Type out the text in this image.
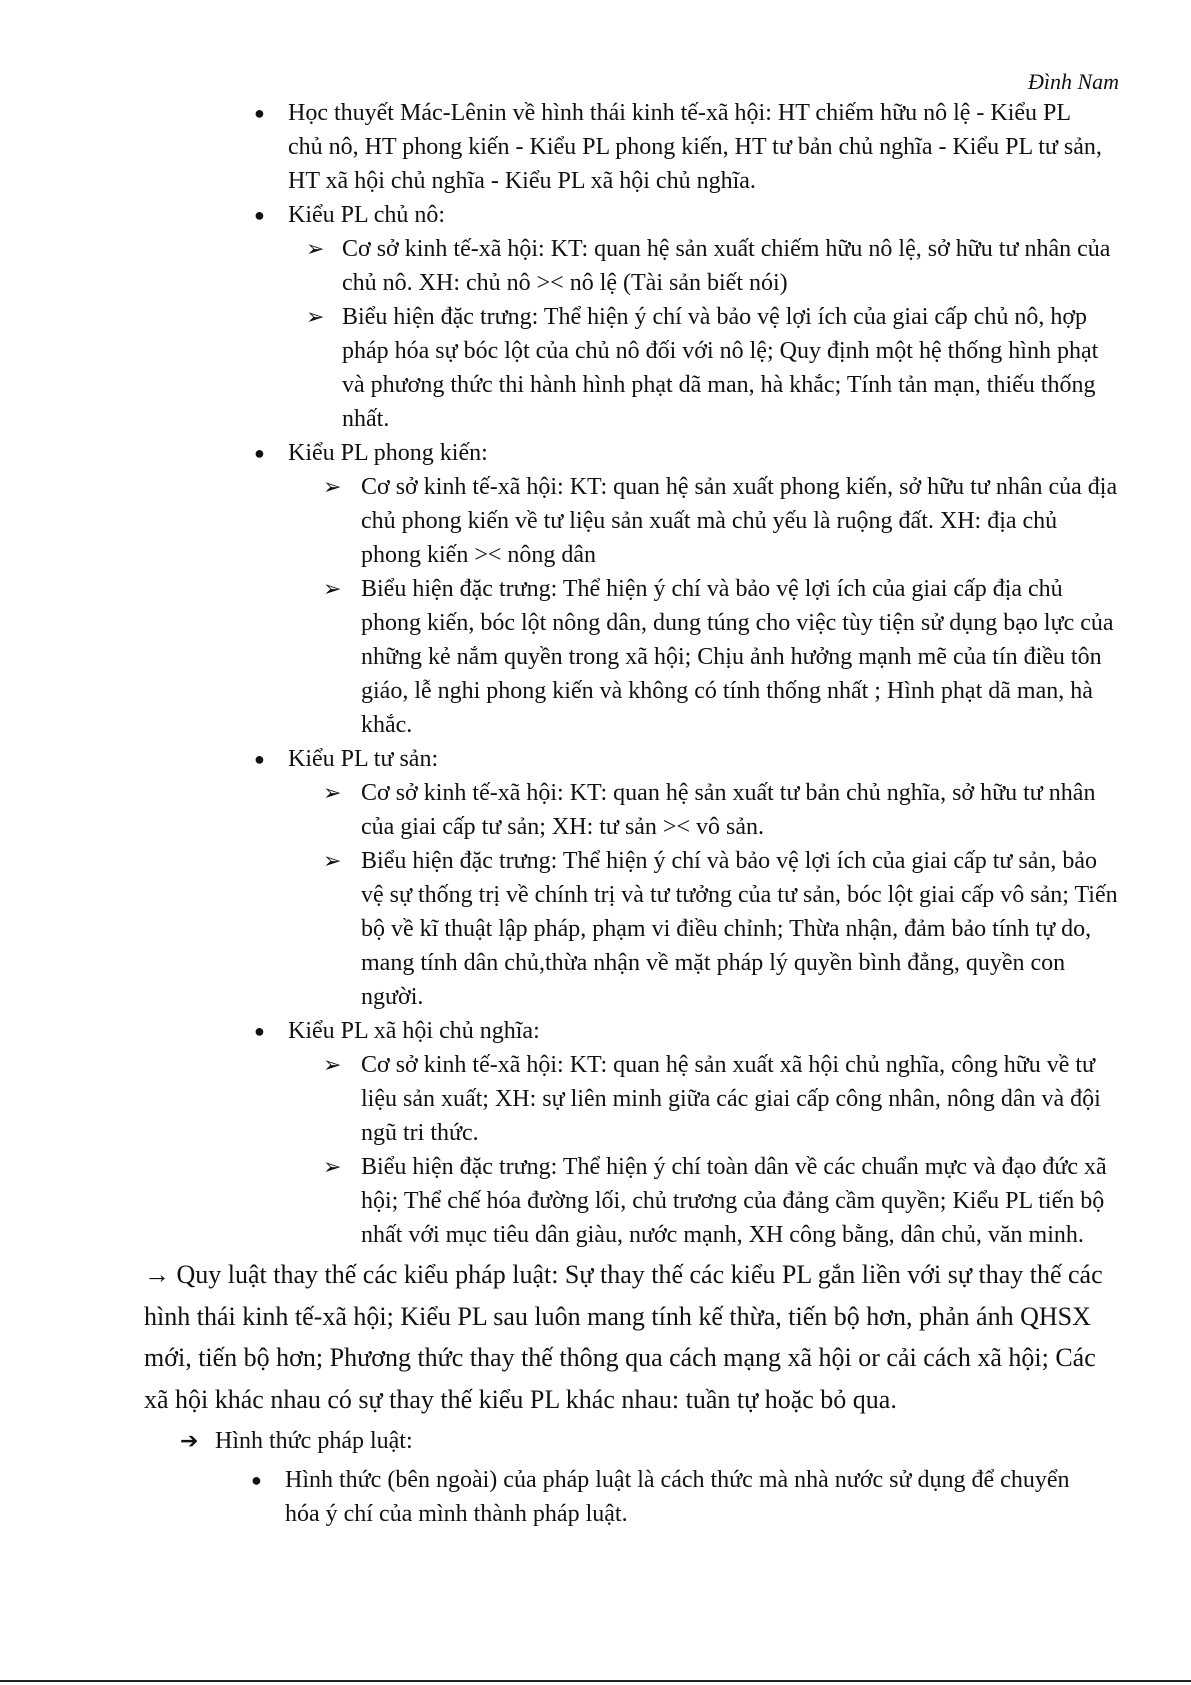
Đình Nam
● Học thuyết Mác-Lênin về hình thái kinh tế-xã hội: HT chiếm hữu nô lệ - Kiểu PL chủ nô, HT phong kiến - Kiểu PL phong kiến, HT tư bản chủ nghĩa - Kiểu PL tư sản, HT xã hội chủ nghĩa - Kiểu PL xã hội chủ nghĩa.
● Kiểu PL chủ nô:
➢ Cơ sở kinh tế-xã hội: KT: quan hệ sản xuất chiếm hữu nô lệ, sở hữu tư nhân của chủ nô. XH: chủ nô >< nô lệ (Tài sản biết nói)
➢ Biểu hiện đặc trưng: Thể hiện ý chí và bảo vệ lợi ích của giai cấp chủ nô, hợp pháp hóa sự bóc lột của chủ nô đối với nô lệ; Quy định một hệ thống hình phạt và phương thức thi hành hình phạt dã man, hà khắc; Tính tản mạn, thiếu thống nhất.
● Kiểu PL phong kiến:
➢ Cơ sở kinh tế-xã hội: KT: quan hệ sản xuất phong kiến, sở hữu tư nhân của địa chủ phong kiến về tư liệu sản xuất mà chủ yếu là ruộng đất. XH: địa chủ phong kiến >< nông dân
➢ Biểu hiện đặc trưng: Thể hiện ý chí và bảo vệ lợi ích của giai cấp địa chủ phong kiến, bóc lột nông dân, dung túng cho việc tùy tiện sử dụng bạo lực của những kẻ nắm quyền trong xã hội; Chịu ảnh hưởng mạnh mẽ của tín điều tôn giáo, lễ nghi phong kiến và không có tính thống nhất ; Hình phạt dã man, hà khắc.
● Kiểu PL tư sản:
➢ Cơ sở kinh tế-xã hội: KT: quan hệ sản xuất tư bản chủ nghĩa, sở hữu tư nhân của giai cấp tư sản; XH: tư sản >< vô sản.
➢ Biểu hiện đặc trưng: Thể hiện ý chí và bảo vệ lợi ích của giai cấp tư sản, bảo vệ sự thống trị về chính trị và tư tưởng của tư sản, bóc lột giai cấp vô sản; Tiến bộ về kĩ thuật lập pháp, phạm vi điều chỉnh; Thừa nhận, đảm bảo tính tự do, mang tính dân chủ,thừa nhận về mặt pháp lý quyền bình đẳng, quyền con người.
● Kiểu PL xã hội chủ nghĩa:
➢ Cơ sở kinh tế-xã hội: KT: quan hệ sản xuất xã hội chủ nghĩa, công hữu về tư liệu sản xuất; XH: sự liên minh giữa các giai cấp công nhân, nông dân và đội ngũ tri thức.
➢ Biểu hiện đặc trưng: Thể hiện ý chí toàn dân về các chuẩn mực và đạo đức xã hội; Thể chế hóa đường lối, chủ trương của đảng cầm quyền; Kiểu PL tiến bộ nhất với mục tiêu dân giàu, nước mạnh, XH công bằng, dân chủ, văn minh.
→ Quy luật thay thế các kiểu pháp luật: Sự thay thế các kiểu PL gắn liền với sự thay thế các hình thái kinh tế-xã hội; Kiểu PL sau luôn mang tính kế thừa, tiến bộ hơn, phản ánh QHSX mới, tiến bộ hơn; Phương thức thay thế thông qua cách mạng xã hội or cải cách xã hội; Các xã hội khác nhau có sự thay thế kiểu PL khác nhau: tuần tự hoặc bỏ qua.
➔ Hình thức pháp luật:
● Hình thức (bên ngoài) của pháp luật là cách thức mà nhà nước sử dụng để chuyển hóa ý chí của mình thành pháp luật.
